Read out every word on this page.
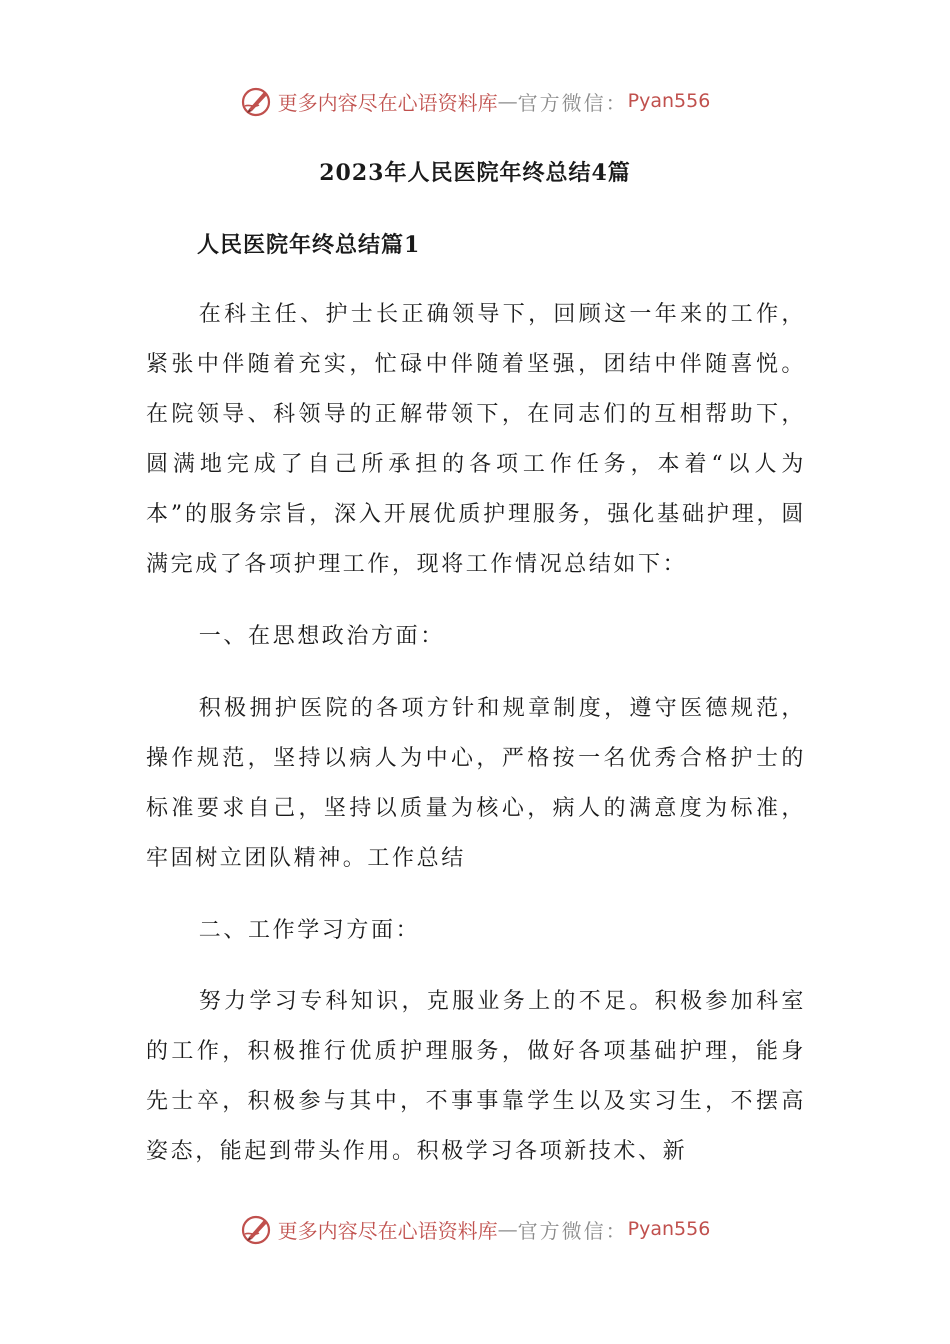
更多内容尽在心语资料库 — 官方微信： Pyan556
2023年人民医院年终总结4篇
人民医院年终总结篇1

在科主任、护士长正确领导下，回顾这一年来的工作，紧张中伴随着充实，忙碌中伴随着坚强，团结中伴随喜悦。在院领导、科领导的正解带领下，在同志们的互相帮助下，圆满地完成了自己所承担的各项工作任务，本着“以人为本”的服务宗旨，深入开展优质护理服务，强化基础护理，圆满完成了各项护理工作，现将工作情况总结如下：

一、在思想政治方面：

积极拥护医院的各项方针和规章制度，遵守医德规范，操作规范，坚持以病人为中心，严格按一名优秀合格护士的标准要求自己，坚持以质量为核心，病人的满意度为标准，牢固树立团队精神。工作总结

二、工作学习方面：

努力学习专科知识，克服业务上的不足。积极参加科室的工作，积极推行优质护理服务，做好各项基础护理，能身先士卒，积极参与其中，不事事靠学生以及实习生，不摆高姿态，能起到带头作用。积极学习各项新技术、新

更多内容尽在心语资料库 — 官方微信： Pyan556
